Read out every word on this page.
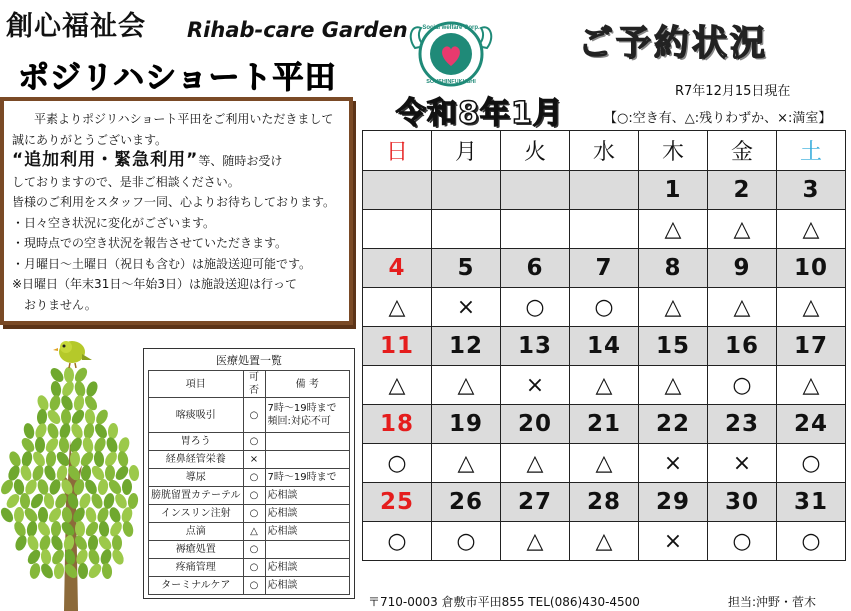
創心福祉会 Rihab-care Garden
ポジリハショート平田
Social welfare Corp.
SOUSHINFUKUSHI
ご予約状況
R7年12月15日現在
令和8年1月	【○:空き有、△:残りわずか、×:満室】

平素よりポジリハショート平田をご利用いただきまして

誠にありがとうございます。

“追加利用・緊急利用”等、随時お受け

しておりますので、是非ご相談ください。

皆様のご利用をスタッフ一同、心よりお待ちしております。

・日々空き状況に変化がございます。

・現時点での空き状況を報告させていただきます。

・月曜日～土曜日（祝日も含む）は施設送迎可能です。

※日曜日（年末31日～年始3日）は施設送迎は行って

おりません。

医療処置一覧
項目	可否	備 考
喀痰吸引	○	7時～19時まで
頻回:対応不可
胃ろう	○	
経鼻経管栄養	×	
導尿	○	7時～19時まで
膀胱留置カテーテル	○	応相談
インスリン注射	○	応相談
点滴	△	応相談
褥瘡処置	○	
疼痛管理	○	応相談
ターミナルケア	○	応相談
日	月	火	水	木	金	土
				1	2	3
				△	△	△
4	5	6	7	8	9	10
△	×	○	○	△	△	△
11	12	13	14	15	16	17
△	△	×	△	△	○	△
18	19	20	21	22	23	24
○	△	△	△	×	×	○
25	26	27	28	29	30	31
○	○	△	△	×	○	○
〒710-0003 倉敷市平田855 TEL(086)430-4500	担当:沖野・菅木
